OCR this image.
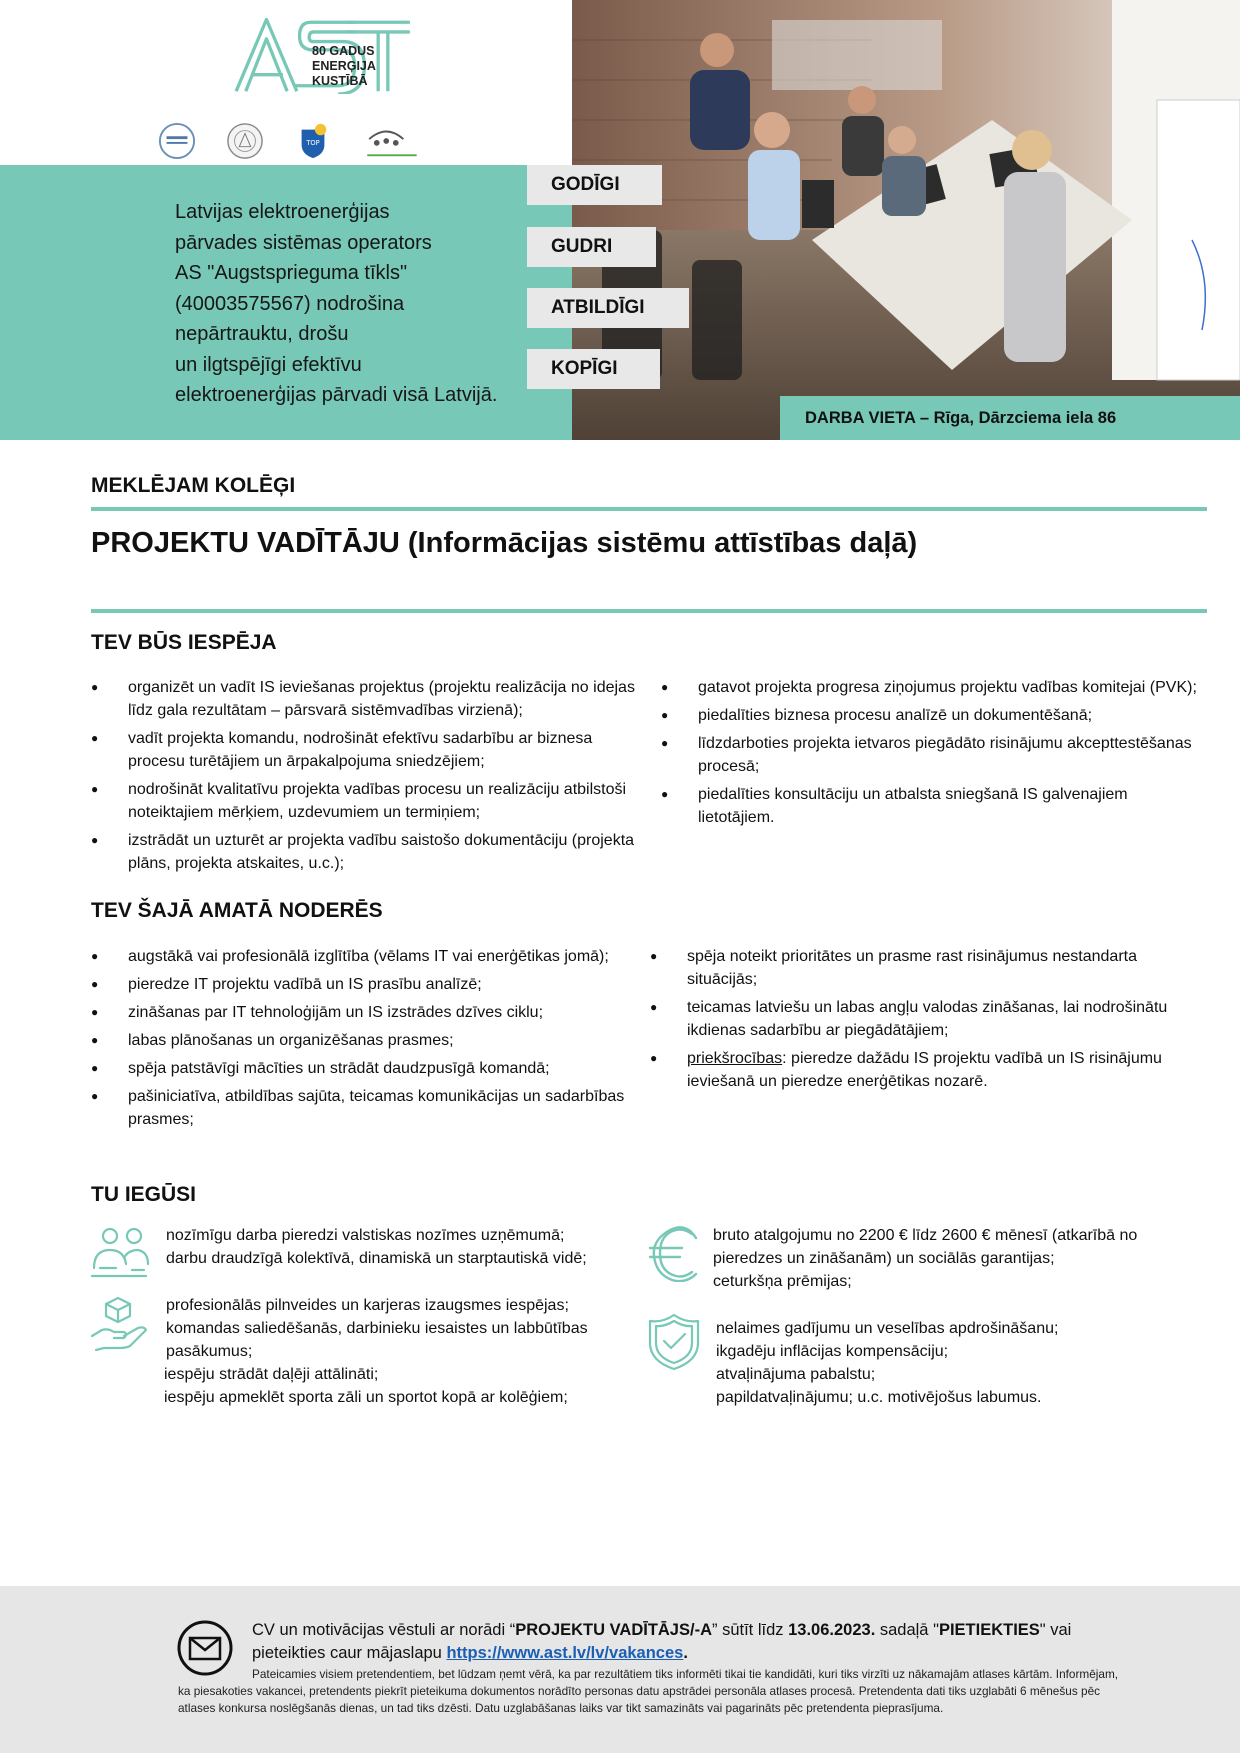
80 GADUS
ENERĢIJA
KUSTĪBĀ
TOP
Latvijas elektroenerģijas
pārvades sistēmas operators
AS "Augstsprieguma tīkls"
(40003575567) nodrošina
nepārtrauktu, drošu
un ilgtspējīgi efektīvu
elektroenerģijas pārvadi visā Latvijā.
GODĪGI
GUDRI
ATBILDĪGI
KOPĪGI
DARBA VIETA – Rīga, Dārzciema iela 86
MEKLĒJAM KOLĒĢI
PROJEKTU VADĪTĀJU (Informācijas sistēmu attīstības daļā)
TEV BŪS IESPĒJA
● organizēt un vadīt IS ieviešanas projektus (projektu realizācija no idejas līdz gala rezultātam – pārsvarā sistēmvadības virzienā);
● vadīt projekta komandu, nodrošināt efektīvu sadarbību ar biznesa procesu turētājiem un ārpakalpojuma sniedzējiem;
● nodrošināt kvalitatīvu projekta vadības procesu un realizāciju atbilstoši noteiktajiem mērķiem, uzdevumiem un termiņiem;
● izstrādāt un uzturēt ar projekta vadību saistošo dokumentāciju (projekta plāns, projekta atskaites, u.c.);
● gatavot projekta progresa ziņojumus projektu vadības komitejai (PVK);
● piedalīties biznesa procesu analīzē un dokumentēšanā;
● līdzdarboties projekta ietvaros piegādāto risinājumu akcepttestēšanas procesā;
● piedalīties konsultāciju un atbalsta sniegšanā IS galvenajiem lietotājiem.
TEV ŠAJĀ AMATĀ NODERĒS
● augstākā vai profesionālā izglītība (vēlams IT vai enerģētikas jomā);
● pieredze IT projektu vadībā un IS prasību analīzē;
● zināšanas par IT tehnoloģijām un IS izstrādes dzīves ciklu;
● labas plānošanas un organizēšanas prasmes;
● spēja patstāvīgi mācīties un strādāt daudzpusīgā komandā;
● pašiniciatīva, atbildības sajūta, teicamas komunikācijas un sadarbības prasmes;
● spēja noteikt prioritātes un prasme rast risinājumus nestandarta situācijās;
● teicamas latviešu un labas angļu valodas zināšanas, lai nodrošinātu ikdienas sadarbību ar piegādātājiem;
● priekšrocības: pieredze dažādu IS projektu vadībā un IS risinājumu ieviešanā un pieredze enerģētikas nozarē.
TU IEGŪSI
nozīmīgu darba pieredzi valstiskas nozīmes uzņēmumā;
darbu draudzīgā kolektīvā, dinamiskā un starptautiskā vidē;
profesionālās pilnveides un karjeras izaugsmes iespējas;
komandas saliedēšanās, darbinieku iesaistes un labbūtības
pasākumus;
iespēju strādāt daļēji attālināti;
iespēju apmeklēt sporta zāli un sportot kopā ar kolēģiem;
bruto atalgojumu no 2200 € līdz 2600 € mēnesī (atkarībā no
pieredzes un zināšanām) un sociālās garantijas;
ceturkšņa prēmijas;
nelaimes gadījumu un veselības apdrošināšanu;
ikgadēju inflācijas kompensāciju;
atvaļinājuma pabalstu;
papildatvaļinājumu; u.c. motivējošus labumus.
CV un motivācijas vēstuli ar norādi “PROJEKTU VADĪTĀJS/-A” sūtīt līdz 13.06.2023. sadaļā "PIETIEKTIES" vai
pieteikties caur mājaslapu https://www.ast.lv/lv/vakances.
Pateicamies visiem pretendentiem, bet lūdzam ņemt vērā, ka par rezultātiem tiks informēti tikai tie kandidāti, kuri tiks virzīti uz nākamajām atlases kārtām. Informējam, ka piesakoties vakancei, pretendents piekrīt pieteikuma dokumentos norādīto personas datu apstrādei personāla atlases procesā. Pretendenta dati tiks uzglabāti 6 mēnešus pēc atlases konkursa noslēgšanās dienas, un tad tiks dzēsti. Datu uzglabāšanas laiks var tikt samazināts vai pagarināts pēc pretendenta pieprasījuma.
